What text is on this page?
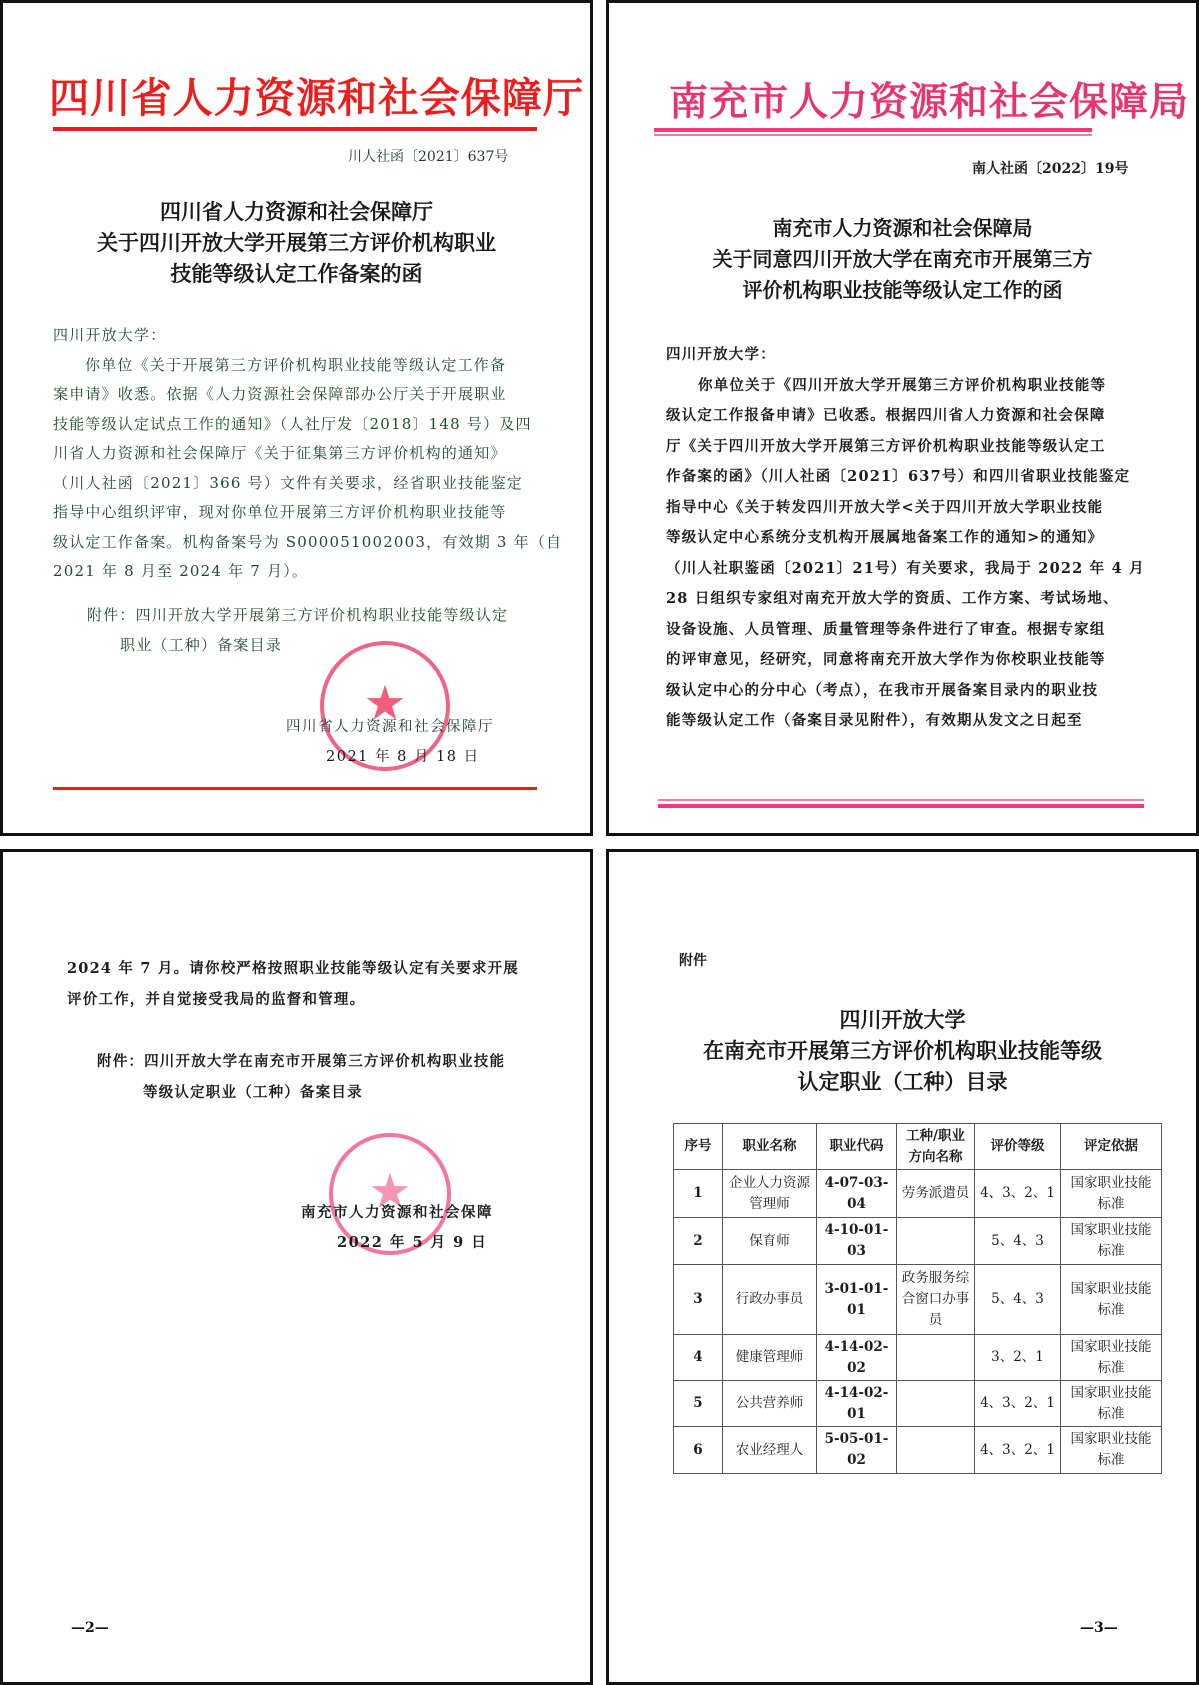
四川省人力资源和社会保障厅
川人社函〔2021〕637号
四川省人力资源和社会保障厅
关于四川开放大学开展第三方评价机构职业
技能等级认定工作备案的函
四川开放大学：
你单位《关于开展第三方评价机构职业技能等级认定工作备
案申请》收悉。依据《人力资源社会保障部办公厅关于开展职业
技能等级认定试点工作的通知》（人社厅发〔2018〕148 号）及四
川省人力资源和社会保障厅《关于征集第三方评价机构的通知》
（川人社函〔2021〕366 号）文件有关要求，经省职业技能鉴定
指导中心组织评审，现对你单位开展第三方评价机构职业技能等
级认定工作备案。机构备案号为 S000051002003，有效期 3 年（自
2021 年 8 月至 2024 年 7 月）。
附件：四川开放大学开展第三方评价机构职业技能等级认定
职业（工种）备案目录
★
四川省人力资源和社会保障厅
2021 年 8 月 18 日
南充市人力资源和社会保障局
南人社函〔2022〕19号
南充市人力资源和社会保障局
关于同意四川开放大学在南充市开展第三方
评价机构职业技能等级认定工作的函
四川开放大学：
你单位关于《四川开放大学开展第三方评价机构职业技能等
级认定工作报备申请》已收悉。根据四川省人力资源和社会保障
厅《关于四川开放大学开展第三方评价机构职业技能等级认定工
作备案的函》（川人社函〔2021〕637号）和四川省职业技能鉴定
指导中心《关于转发四川开放大学<关于四川开放大学职业技能
等级认定中心系统分支机构开展属地备案工作的通知>的通知》
（川人社职鉴函〔2021〕21号）有关要求，我局于 2022 年 4 月
28 日组织专家组对南充开放大学的资质、工作方案、考试场地、
设备设施、人员管理、质量管理等条件进行了审查。根据专家组
的评审意见，经研究，同意将南充开放大学作为你校职业技能等
级认定中心的分中心（考点），在我市开展备案目录内的职业技
能等级认定工作（备案目录见附件），有效期从发文之日起至
2024 年 7 月。请你校严格按照职业技能等级认定有关要求开展
评价工作，并自觉接受我局的监督和管理。
附件：四川开放大学在南充市开展第三方评价机构职业技能
等级认定职业（工种）备案目录
★
南充市人力资源和社会保障
2022 年 5 月 9 日
—2—
附件
四川开放大学
在南充市开展第三方评价机构职业技能等级
认定职业（工种）目录
序号	职业名称	职业代码	工种/职业方向名称	评价等级	评定依据
1	企业人力资源管理师	4-07-03-04	劳务派遣员	4、3、2、1	国家职业技能标准
2	保育师	4-10-01-03		5、4、3	国家职业技能标准
3	行政办事员	3-01-01-01	政务服务综合窗口办事员	5、4、3	国家职业技能标准
4	健康管理师	4-14-02-02		3、2、1	国家职业技能标准
5	公共营养师	4-14-02-01		4、3、2、1	国家职业技能标准
6	农业经理人	5-05-01-02		4、3、2、1	国家职业技能标准
—3—
